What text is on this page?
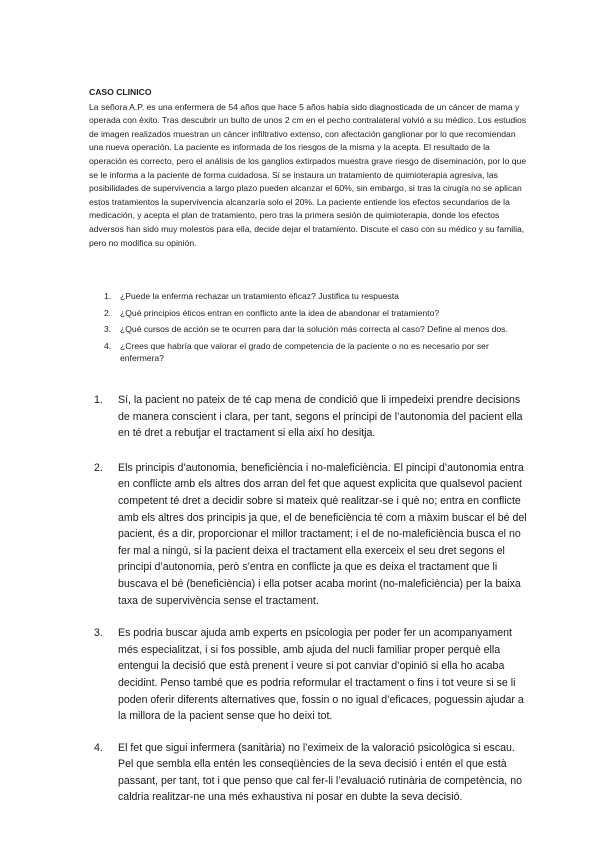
CASO CLINICO

La señora A.P. es una enfermera de 54 años que hace 5 años había sido diagnosticada de un cáncer de mama y operada con éxito. Tras descubrir un bulto de unos 2 cm en el pecho contralateral volvió a su médico. Los estudios de imagen realizados muestran un cáncer infiltrativo extenso, con afectación ganglionar por lo que recomiendan una nueva operación. La paciente es informada de los riesgos de la misma y la acepta. El resultado de la operación es correcto, pero el análisis de los ganglios extirpados muestra grave riesgo de diseminación, por lo que se le informa a la paciente de forma cuidadosa. Si se instaura un tratamiento de quimioterapia agresiva, las posibilidades de supervivencia a largo plazo pueden alcanzar el 60%, sin embargo, si tras la cirugía no se aplican estos tratamientos la supervivencia alcanzaría solo el 20%. La paciente entiende los efectos secundarios de la medicación, y acepta el plan de tratamiento, pero tras la primera sesión de quimioterapia, donde los efectos adversos han sido muy molestos para ella, decide dejar el tratamiento. Discute el caso con su médico y su familia, pero no modifica su opinión.

1. ¿Puede la enferma rechazar un tratamiento eficaz? Justifica tu respuesta
2. ¿Qué principios éticos entran en conflicto ante la idea de abandonar el tratamiento?
3. ¿Qué cursos de acción se te ocurren para dar la solución más correcta al caso? Define al menos dos.
4. ¿Crees que habría que valorar el grado de competencia de la paciente o no es necesario por ser enfermera?

1. Sí, la pacient no pateix de té cap mena de condició que li impedeixi prendre decisions de manera conscient i clara, per tant, segons el principi de l’autonomia del pacient ella en té dret a rebutjar el tractament si ella així ho desitja.

2. Els principis d’autonomia, beneficiència i no-maleficiència. El pincipi d’autonomia entra en conflicte amb els altres dos arran del fet que aquest explicita que qualsevol pacient competent té dret a decidir sobre si mateix què realitzar-se i què no; entra en conflicte amb els altres dos principis ja que, el de beneficiència té com a màxim buscar el bé del pacient, és a dir, proporcionar el millor tractament; i el de no-maleficiència busca el no fer mal a ningú, si la pacient deixa el tractament ella exerceix el seu dret segons el principi d’autonomia, però s’entra en conflicte ja que es deixa el tractament que li buscava el bé (beneficiència) i ella potser acaba morint (no-maleficiència) per la baixa taxa de supervivència sense el tractament.

3. Es podria buscar ajuda amb experts en psicologia per poder fer un acompanyament més especialitzat, i si fos possible, amb ajuda del nucli familiar proper perquè ella entengui la decisió que està prenent i veure si pot canviar d’opinió si ella ho acaba decidint. Penso també que es podria reformular el tractament o fins i tot veure si se li poden oferir diferents alternatives que, fossin o no igual d’eficaces, poguessin ajudar a la millora de la pacient sense que ho deixi tot.

4. El fet que sigui infermera (sanitària) no l’eximeix de la valoració psicològica si escau. Pel que sembla ella entén les conseqüències de la seva decisió i entén el que està passant, per tant, tot i que penso que cal fer-li l’evaluació rutinària de competència, no caldria realitzar-ne una més exhaustiva ni posar en dubte la seva decisió.
